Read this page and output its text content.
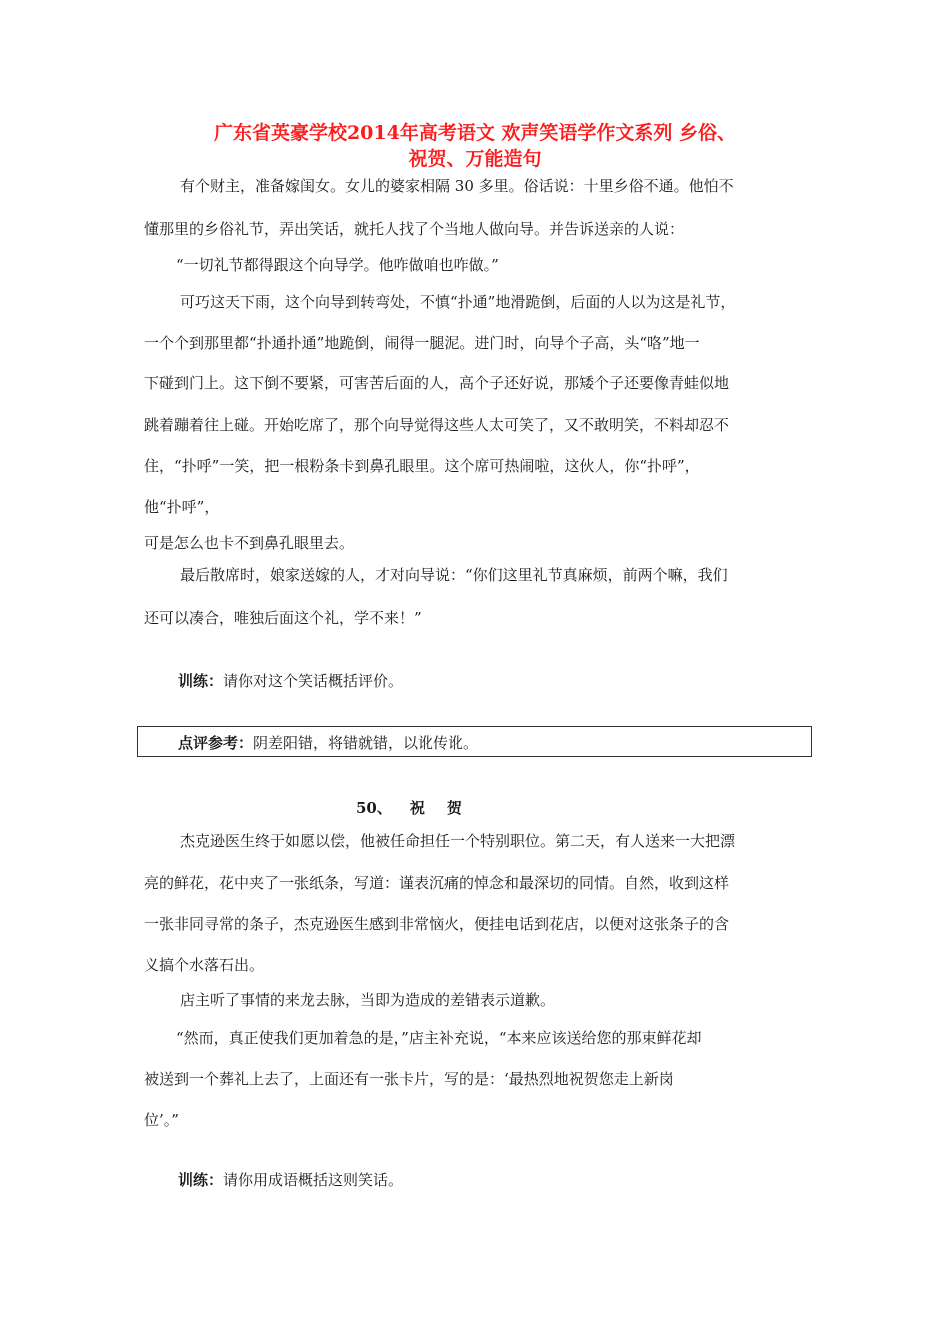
广东省英豪学校2014年高考语文 欢声笑语学作文系列 乡俗、
祝贺、万能造句
有个财主，准备嫁闺女。女儿的婆家相隔 30 多里。俗话说：十里乡俗不通。他怕不
懂那里的乡俗礼节，弄出笑话，就托人找了个当地人做向导。并告诉送亲的人说：
“一切礼节都得跟这个向导学。他咋做咱也咋做。”
可巧这天下雨，这个向导到转弯处，不慎“扑通”地滑跪倒，后面的人以为这是礼节，
一个个到那里都“扑通扑通”地跪倒，闹得一腿泥。进门时，向导个子高，头“咯”地一
下碰到门上。这下倒不要紧，可害苦后面的人，高个子还好说，那矮个子还要像青蛙似地
跳着蹦着往上碰。开始吃席了，那个向导觉得这些人太可笑了，又不敢明笑，不料却忍不
住，“扑呼”一笑，把一根粉条卡到鼻孔眼里。这个席可热闹啦，这伙人，你“扑呼”，
他“扑呼”，
可是怎么也卡不到鼻孔眼里去。
最后散席时，娘家送嫁的人，才对向导说：“你们这里礼节真麻烦，前两个嘛，我们
还可以凑合，唯独后面这个礼，学不来！”
训练：请你对这个笑话概括评价。
点评参考：阴差阳错，将错就错，以讹传讹。
50、 祝 贺
杰克逊医生终于如愿以偿，他被任命担任一个特别职位。第二天，有人送来一大把漂
亮的鲜花，花中夹了一张纸条，写道：谨表沉痛的悼念和最深切的同情。自然，收到这样
一张非同寻常的条子，杰克逊医生感到非常恼火，便挂电话到花店，以便对这张条子的含
义搞个水落石出。
店主听了事情的来龙去脉，当即为造成的差错表示道歉。
“然而，真正使我们更加着急的是，”店主补充说，“本来应该送给您的那束鲜花却
被送到一个葬礼上去了，上面还有一张卡片，写的是：‘最热烈地祝贺您走上新岗
位’。”
训练：请你用成语概括这则笑话。
